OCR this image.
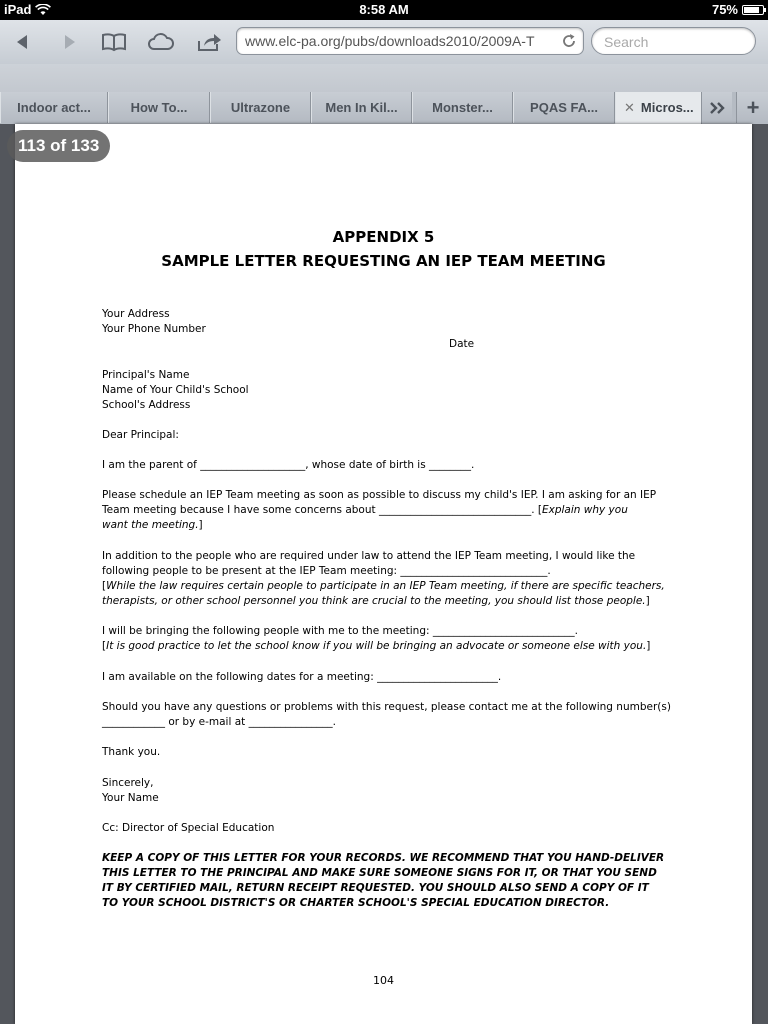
iPad	8:58 AM	75%
www.elc-pa.org/pubs/downloads2010/2009A-T
Search
Indoor act...	How To...	Ultrazone	Men In Kil...	Monster...	PQAS FA...	✕ Micros...	+
APPENDIX 5
SAMPLE LETTER REQUESTING AN IEP TEAM MEETING
Your Address
Your Phone Number
Date
Principal's Name
Name of Your Child's School
School's Address
Dear Principal:
I am the parent of ____________________, whose date of birth is ________.
Please schedule an IEP Team meeting as soon as possible to discuss my child's IEP. I am asking for an IEP
Team meeting because I have some concerns about _____________________________. [Explain why you
want the meeting.]
In addition to the people who are required under law to attend the IEP Team meeting, I would like the
following people to be present at the IEP Team meeting: ____________________________.
[While the law requires certain people to participate in an IEP Team meeting, if there are specific teachers,
therapists, or other school personnel you think are crucial to the meeting, you should list those people.]
I will be bringing the following people with me to the meeting: ___________________________.
[It is good practice to let the school know if you will be bringing an advocate or someone else with you.]
I am available on the following dates for a meeting: _______________________.
Should you have any questions or problems with this request, please contact me at the following number(s)
____________ or by e-mail at ________________.
Thank you.
Sincerely,
Your Name
Cc: Director of Special Education
KEEP A COPY OF THIS LETTER FOR YOUR RECORDS. WE RECOMMEND THAT YOU HAND-DELIVER
THIS LETTER TO THE PRINCIPAL AND MAKE SURE SOMEONE SIGNS FOR IT, OR THAT YOU SEND
IT BY CERTIFIED MAIL, RETURN RECEIPT REQUESTED. YOU SHOULD ALSO SEND A COPY OF IT
TO YOUR SCHOOL DISTRICT'S OR CHARTER SCHOOL'S SPECIAL EDUCATION DIRECTOR.
104
113 of 133
